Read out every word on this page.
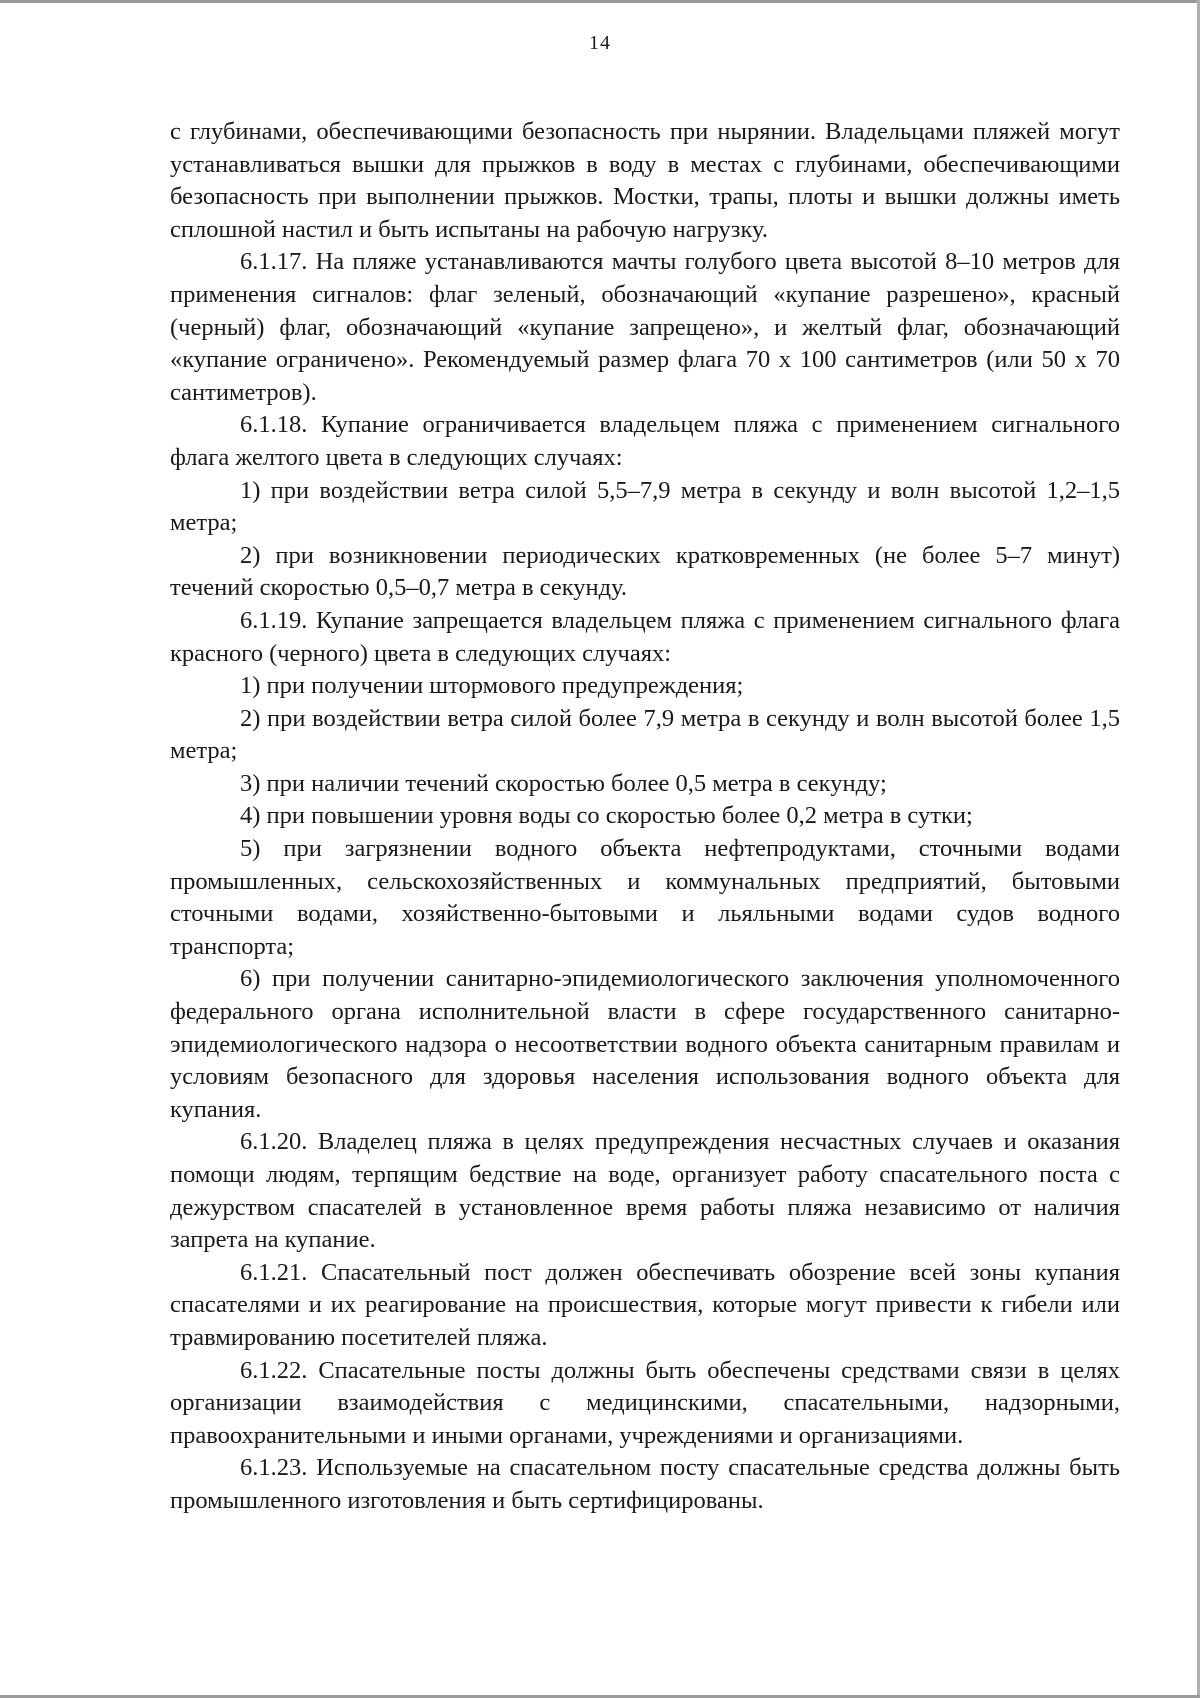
14

с глубинами, обеспечивающими безопасность при нырянии. Владельцами пляжей могут устанавливаться вышки для прыжков в воду в местах с глубинами, обеспечивающими безопасность при выполнении прыжков. Мостки, трапы, плоты и вышки должны иметь сплошной настил и быть испытаны на рабочую нагрузку.

6.1.17. На пляже устанавливаются мачты голубого цвета высотой 8–10 метров для применения сигналов: флаг зеленый, обозначающий «купание разрешено», красный (черный) флаг, обозначающий «купание запрещено», и желтый флаг, обозначающий «купание ограничено». Рекомендуемый размер флага 70 x 100 сантиметров (или 50 x 70 сантиметров).

6.1.18. Купание ограничивается владельцем пляжа с применением сигнального флага желтого цвета в следующих случаях:

1) при воздействии ветра силой 5,5–7,9 метра в секунду и волн высотой 1,2–1,5 метра;

2) при возникновении периодических кратковременных (не более 5–7 минут) течений скоростью 0,5–0,7 метра в секунду.

6.1.19. Купание запрещается владельцем пляжа с применением сигнального флага красного (черного) цвета в следующих случаях:

1) при получении штормового предупреждения;

2) при воздействии ветра силой более 7,9 метра в секунду и волн высотой более 1,5 метра;

3) при наличии течений скоростью более 0,5 метра в секунду;

4) при повышении уровня воды со скоростью более 0,2 метра в сутки;

5) при загрязнении водного объекта нефтепродуктами, сточными водами промышленных, сельскохозяйственных и коммунальных предприятий, бытовыми сточными водами, хозяйственно-бытовыми и льяльными водами судов водного транспорта;

6) при получении санитарно-эпидемиологического заключения уполномоченного федерального органа исполнительной власти в сфере государственного санитарно-эпидемиологического надзора о несоответствии водного объекта санитарным правилам и условиям безопасного для здоровья населения использования водного объекта для купания.

6.1.20. Владелец пляжа в целях предупреждения несчастных случаев и оказания помощи людям, терпящим бедствие на воде, организует работу спасательного поста с дежурством спасателей в установленное время работы пляжа независимо от наличия запрета на купание.

6.1.21. Спасательный пост должен обеспечивать обозрение всей зоны купания спасателями и их реагирование на происшествия, которые могут привести к гибели или травмированию посетителей пляжа.

6.1.22. Спасательные посты должны быть обеспечены средствами связи в целях организации взаимодействия с медицинскими, спасательными, надзорными, правоохранительными и иными органами, учреждениями и организациями.

6.1.23. Используемые на спасательном посту спасательные средства должны быть промышленного изготовления и быть сертифицированы.
